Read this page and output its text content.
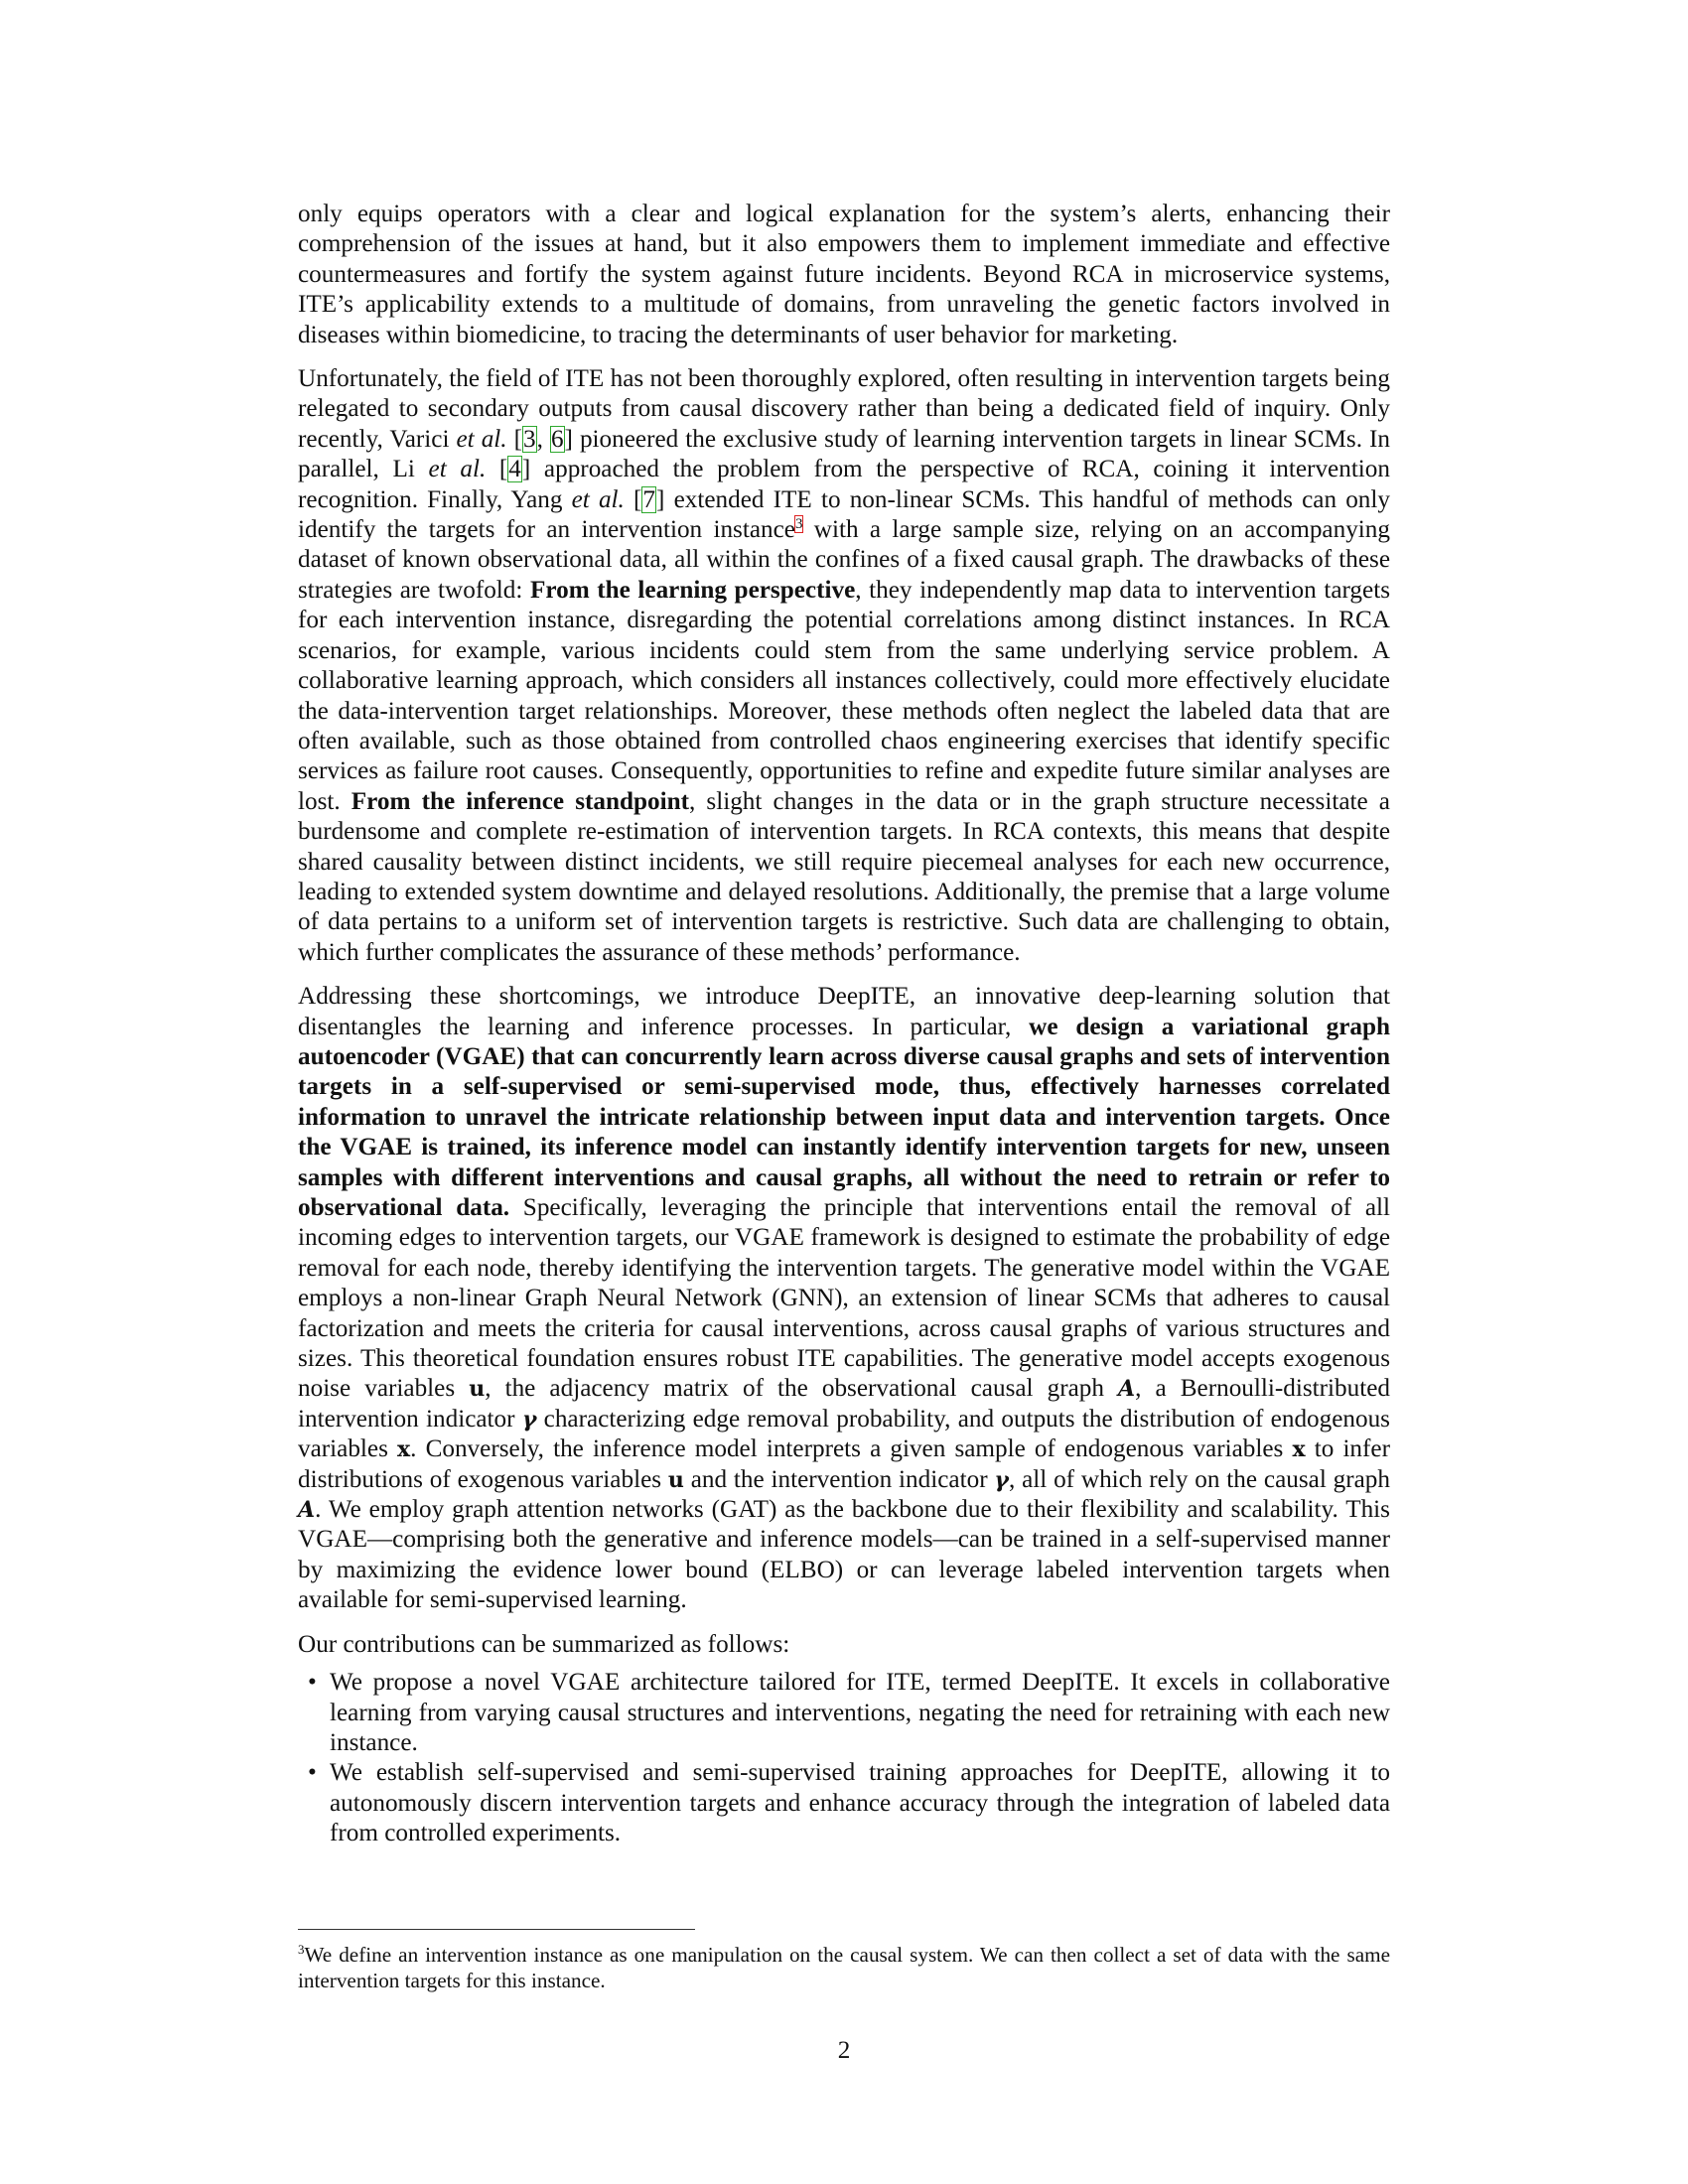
only equips operators with a clear and logical explanation for the system’s alerts, enhancing their comprehension of the issues at hand, but it also empowers them to implement immediate and effective countermeasures and fortify the system against future incidents. Beyond RCA in microservice systems, ITE’s applicability extends to a multitude of domains, from unraveling the genetic factors involved in diseases within biomedicine, to tracing the determinants of user behavior for marketing.

Unfortunately, the field of ITE has not been thoroughly explored, often resulting in intervention targets being relegated to secondary outputs from causal discovery rather than being a dedicated field of inquiry. Only recently, Varici et al. [3, 6] pioneered the exclusive study of learning intervention targets in linear SCMs. In parallel, Li et al. [4] approached the problem from the perspective of RCA, coining it intervention recognition. Finally, Yang et al. [7] extended ITE to non-linear SCMs. This handful of methods can only identify the targets for an intervention instance$^3$ with a large sample size, relying on an accompanying dataset of known observational data, all within the confines of a fixed causal graph. The drawbacks of these strategies are twofold: From the learning perspective, they independently map data to intervention targets for each intervention instance, disregarding the potential correlations among distinct instances. In RCA scenarios, for example, various incidents could stem from the same underlying service problem. A collaborative learning approach, which considers all instances collectively, could more effectively elucidate the data-intervention target relationships. Moreover, these methods often neglect the labeled data that are often available, such as those obtained from controlled chaos engineering exercises that identify specific services as failure root causes. Consequently, opportunities to refine and expedite future similar analyses are lost. From the inference standpoint, slight changes in the data or in the graph structure necessitate a burdensome and complete re-estimation of intervention targets. In RCA contexts, this means that despite shared causality between distinct incidents, we still require piecemeal analyses for each new occurrence, leading to extended system downtime and delayed resolutions. Additionally, the premise that a large volume of data pertains to a uniform set of intervention targets is restrictive. Such data are challenging to obtain, which further complicates the assurance of these methods’ performance.

Addressing these shortcomings, we introduce DeepITE, an innovative deep-learning solution that disentangles the learning and inference processes. In particular, we design a variational graph autoencoder (VGAE) that can concurrently learn across diverse causal graphs and sets of intervention targets in a self-supervised or semi-supervised mode, thus, effectively harnesses correlated information to unravel the intricate relationship between input data and intervention targets. Once the VGAE is trained, its inference model can instantly identify intervention targets for new, unseen samples with different interventions and causal graphs, all without the need to retrain or refer to observational data. Specifically, leveraging the principle that interventions entail the removal of all incoming edges to intervention targets, our VGAE framework is designed to estimate the probability of edge removal for each node, thereby identifying the intervention targets. The generative model within the VGAE employs a non-linear Graph Neural Network (GNN), an extension of linear SCMs that adheres to causal factorization and meets the criteria for causal interventions, across causal graphs of various structures and sizes. This theoretical foundation ensures robust ITE capabilities. The generative model accepts exogenous noise variables u, the adjacency matrix of the observational causal graph A, a Bernoulli-distributed intervention indicator γ characterizing edge removal probability, and outputs the distribution of endogenous variables x. Conversely, the inference model interprets a given sample of endogenous variables x to infer distributions of exogenous variables u and the intervention indicator γ, all of which rely on the causal graph A. We employ graph attention networks (GAT) as the backbone due to their flexibility and scalability. This VGAE—comprising both the generative and inference models—can be trained in a self-supervised manner by maximizing the evidence lower bound (ELBO) or can leverage labeled intervention targets when available for semi-supervised learning.

Our contributions can be summarized as follows:

• We propose a novel VGAE architecture tailored for ITE, termed DeepITE. It excels in collaborative learning from varying causal structures and interventions, negating the need for retraining with each new instance.
• We establish self-supervised and semi-supervised training approaches for DeepITE, allowing it to autonomously discern intervention targets and enhance accuracy through the integration of labeled data from controlled experiments.
$^3$We define an intervention instance as one manipulation on the causal system. We can then collect a set of data with the same intervention targets for this instance.
2
